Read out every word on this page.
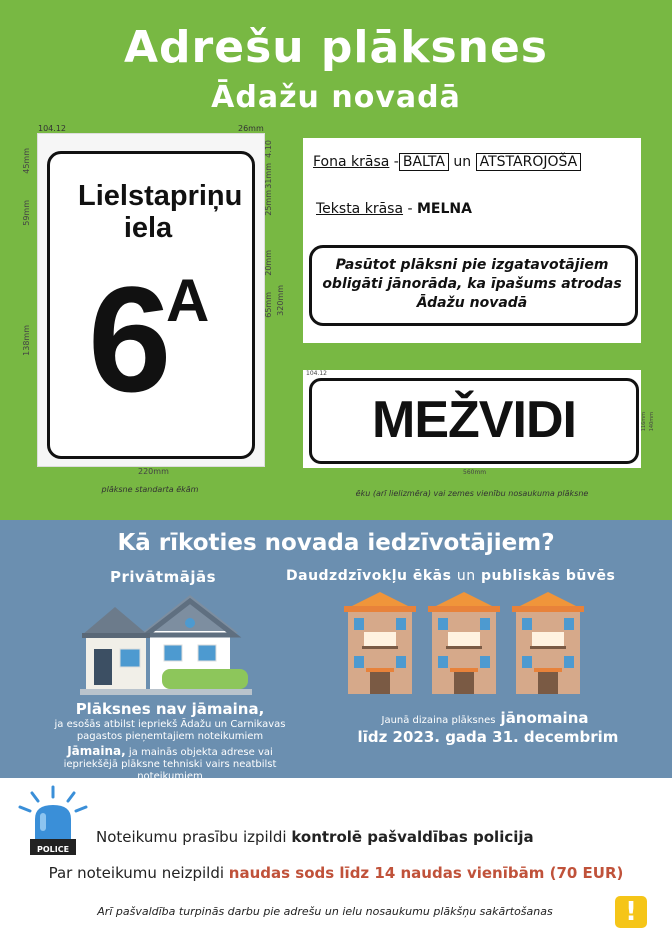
Adrešu plāksnes
Ādažu novadā
104.12	26mm
45mm
59mm
138mm
4.10
31mm
25mm
20mm
65mm 320mm
220mm
Lielstapriņu iela
6
A
plāksne standarta ēkām
Fona krāsa - BALTA un ATSTAROJOŠA
Teksta krāsa - MELNA
Pasūtot plāksni pie izgatavotājiem obligāti jānorāda, ka īpašums atrodas Ādažu novadā
104.12
MEŽVIDI
560mm
116mm 140mm
ēku (arī lielizmēra) vai zemes vienību nosaukuma plāksne
Kā rīkoties novada iedzīvotājiem?
Privātmājās	Daudzdzīvokļu ēkās un publiskās būvēs
Plāksnes nav jāmaina,
ja esošās atbilst iepriekš Ādažu un Carnikavas pagastos pieņemtajiem noteikumiem
Jāmaina, ja mainās objekta adrese vai iepriekšējā plāksne tehniski vairs neatbilst noteikumiem
Jaunā dizaina plāksnes jānomaina
līdz 2023. gada 31. decembrim
POLICE
Noteikumu prasību izpildi kontrolē pašvaldības policija
Par noteikumu neizpildi naudas sods līdz 14 naudas vienībām (70 EUR)
Arī pašvaldība turpinās darbu pie adrešu un ielu nosaukumu plākšņu sakārtošanas	!
